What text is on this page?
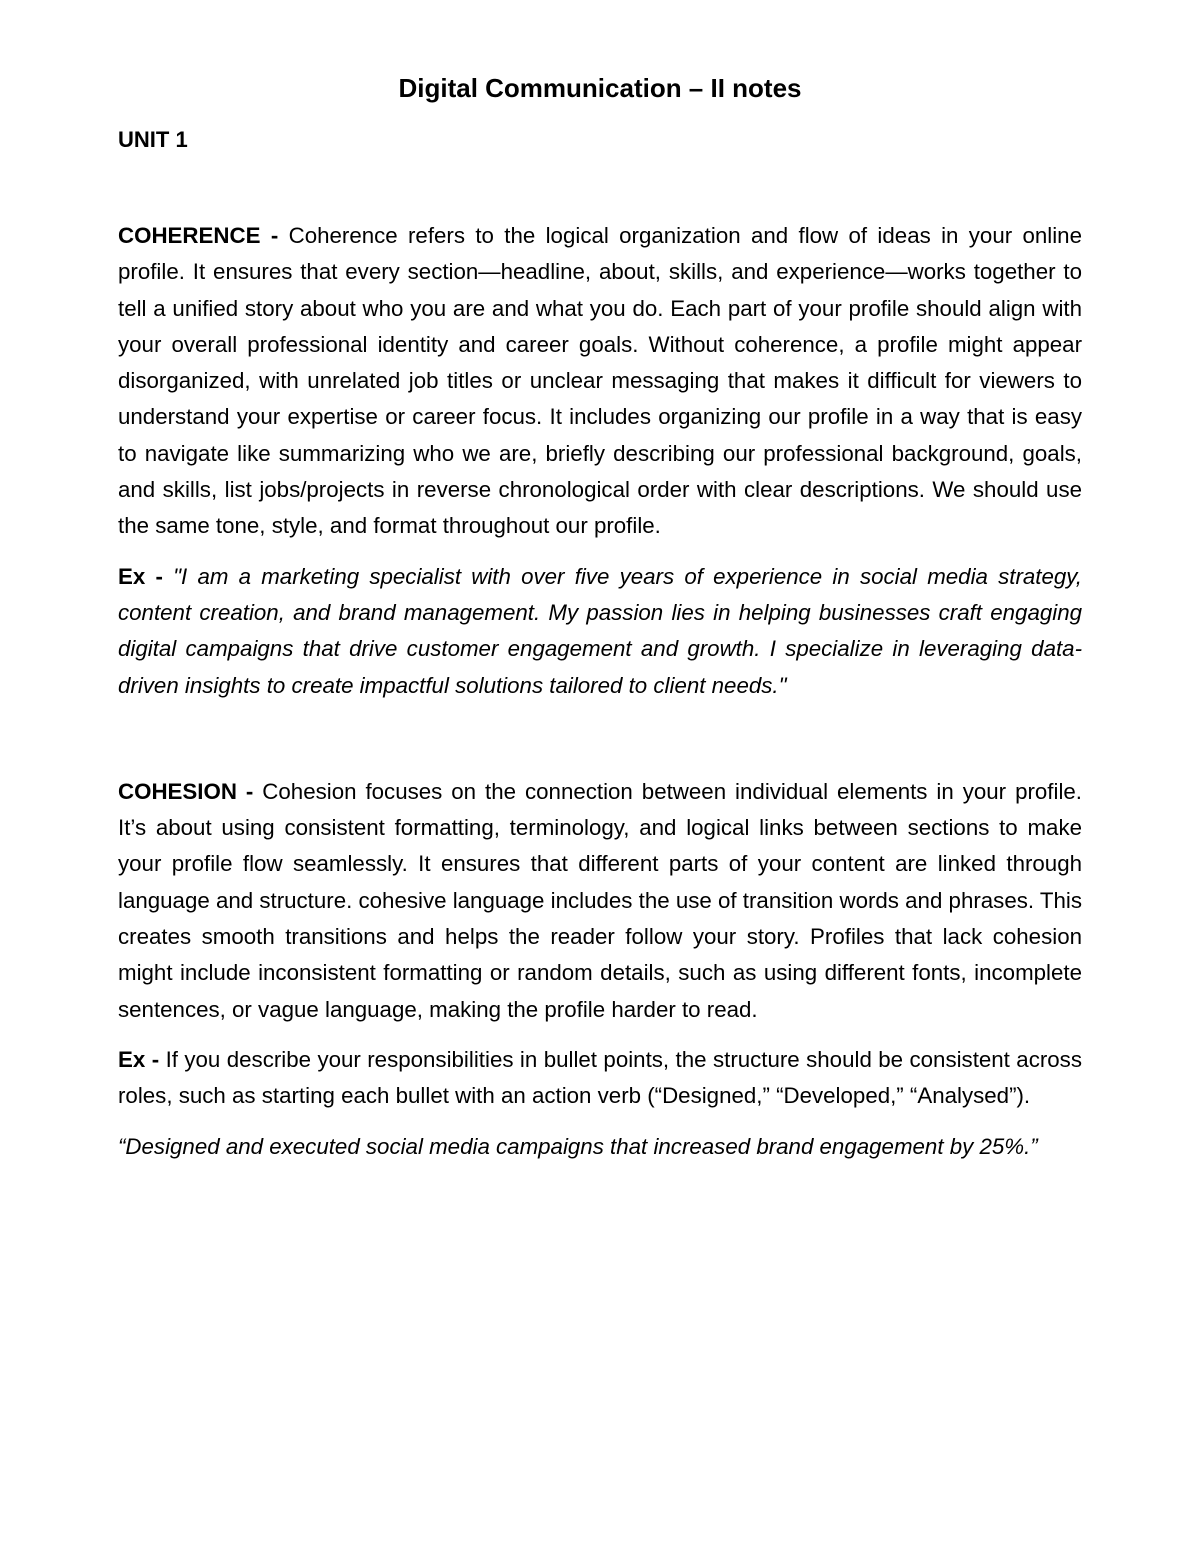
Digital Communication – II notes
UNIT 1

COHERENCE - Coherence refers to the logical organization and flow of ideas in your online profile. It ensures that every section—headline, about, skills, and experience—works together to tell a unified story about who you are and what you do. Each part of your profile should align with your overall professional identity and career goals. Without coherence, a profile might appear disorganized, with unrelated job titles or unclear messaging that makes it difficult for viewers to understand your expertise or career focus. It includes organizing our profile in a way that is easy to navigate like summarizing who we are, briefly describing our professional background, goals, and skills, list jobs/projects in reverse chronological order with clear descriptions. We should use the same tone, style, and format throughout our profile.

Ex - "I am a marketing specialist with over five years of experience in social media strategy, content creation, and brand management. My passion lies in helping businesses craft engaging digital campaigns that drive customer engagement and growth. I specialize in leveraging data-driven insights to create impactful solutions tailored to client needs."

COHESION - Cohesion focuses on the connection between individual elements in your profile. It’s about using consistent formatting, terminology, and logical links between sections to make your profile flow seamlessly. It ensures that different parts of your content are linked through language and structure. cohesive language includes the use of transition words and phrases. This creates smooth transitions and helps the reader follow your story. Profiles that lack cohesion might include inconsistent formatting or random details, such as using different fonts, incomplete sentences, or vague language, making the profile harder to read.

Ex - If you describe your responsibilities in bullet points, the structure should be consistent across roles, such as starting each bullet with an action verb (“Designed,” “Developed,” “Analysed”).

“Designed and executed social media campaigns that increased brand engagement by 25%.”
